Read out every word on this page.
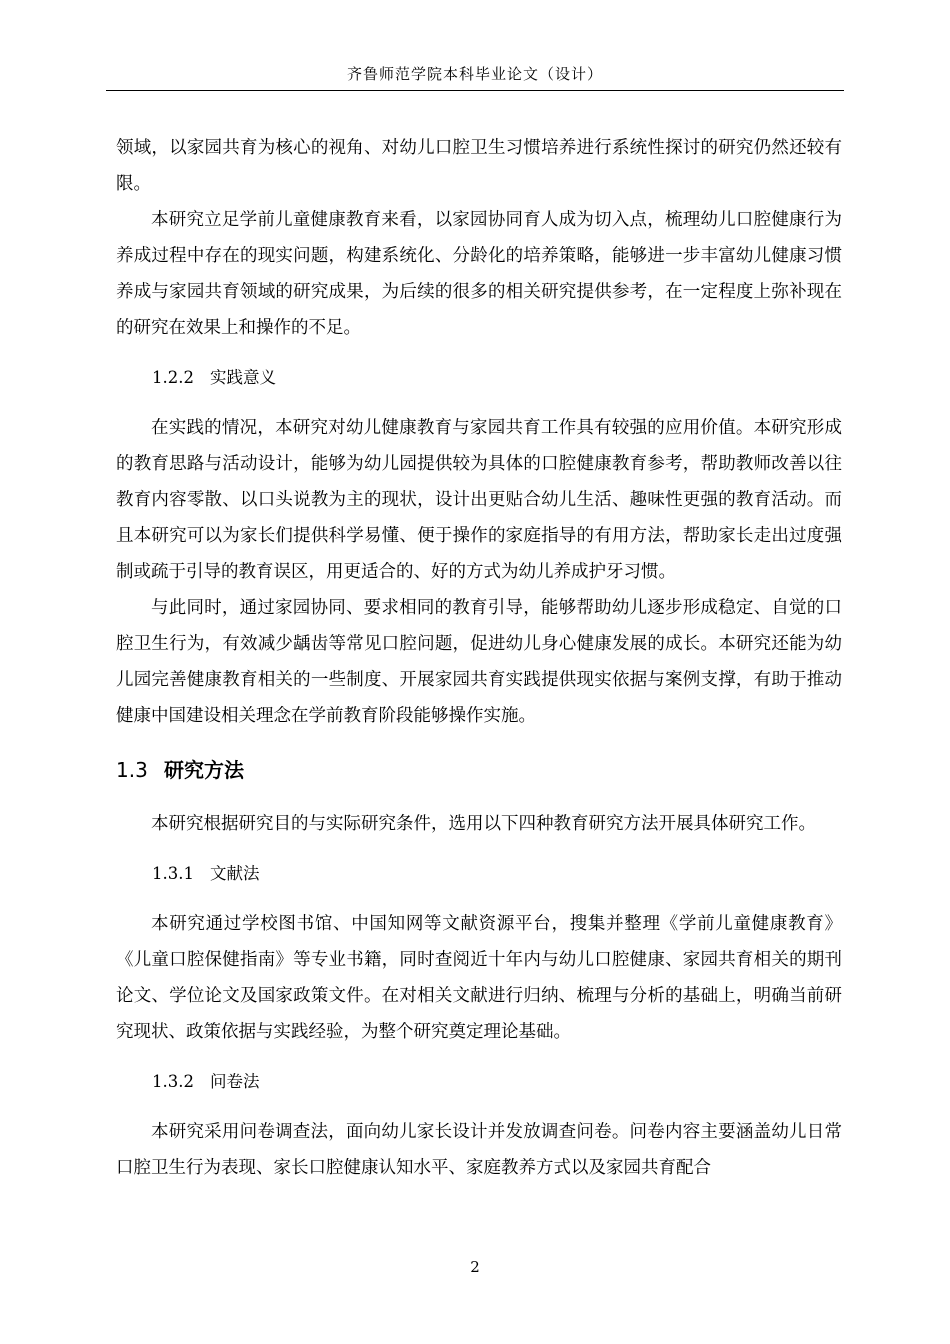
齐鲁师范学院本科毕业论文（设计）

领域，以家园共育为核心的视角、对幼儿口腔卫生习惯培养进行系统性探讨的研究仍然还较有限。

本研究立足学前儿童健康教育来看，以家园协同育人成为切入点，梳理幼儿口腔健康行为养成过程中存在的现实问题，构建系统化、分龄化的培养策略，能够进一步丰富幼儿健康习惯养成与家园共育领域的研究成果，为后续的很多的相关研究提供参考，在一定程度上弥补现在的研究在效果上和操作的不足。

1.2.2 实践意义

在实践的情况，本研究对幼儿健康教育与家园共育工作具有较强的应用价值。本研究形成的教育思路与活动设计，能够为幼儿园提供较为具体的口腔健康教育参考，帮助教师改善以往教育内容零散、以口头说教为主的现状，设计出更贴合幼儿生活、趣味性更强的教育活动。而且本研究可以为家长们提供科学易懂、便于操作的家庭指导的有用方法，帮助家长走出过度强制或疏于引导的教育误区，用更适合的、好的方式为幼儿养成护牙习惯。

与此同时，通过家园协同、要求相同的教育引导，能够帮助幼儿逐步形成稳定、自觉的口腔卫生行为，有效减少龋齿等常见口腔问题，促进幼儿身心健康发展的成长。本研究还能为幼儿园完善健康教育相关的一些制度、开展家园共育实践提供现实依据与案例支撑，有助于推动健康中国建设相关理念在学前教育阶段能够操作实施。

1.3 研究方法

本研究根据研究目的与实际研究条件，选用以下四种教育研究方法开展具体研究工作。

1.3.1 文献法

本研究通过学校图书馆、中国知网等文献资源平台，搜集并整理《学前儿童健康教育》《儿童口腔保健指南》等专业书籍，同时查阅近十年内与幼儿口腔健康、家园共育相关的期刊论文、学位论文及国家政策文件。在对相关文献进行归纳、梳理与分析的基础上，明确当前研究现状、政策依据与实践经验，为整个研究奠定理论基础。

1.3.2 问卷法

本研究采用问卷调查法，面向幼儿家长设计并发放调查问卷。问卷内容主要涵盖幼儿日常口腔卫生行为表现、家长口腔健康认知水平、家庭教养方式以及家园共育配合

2
